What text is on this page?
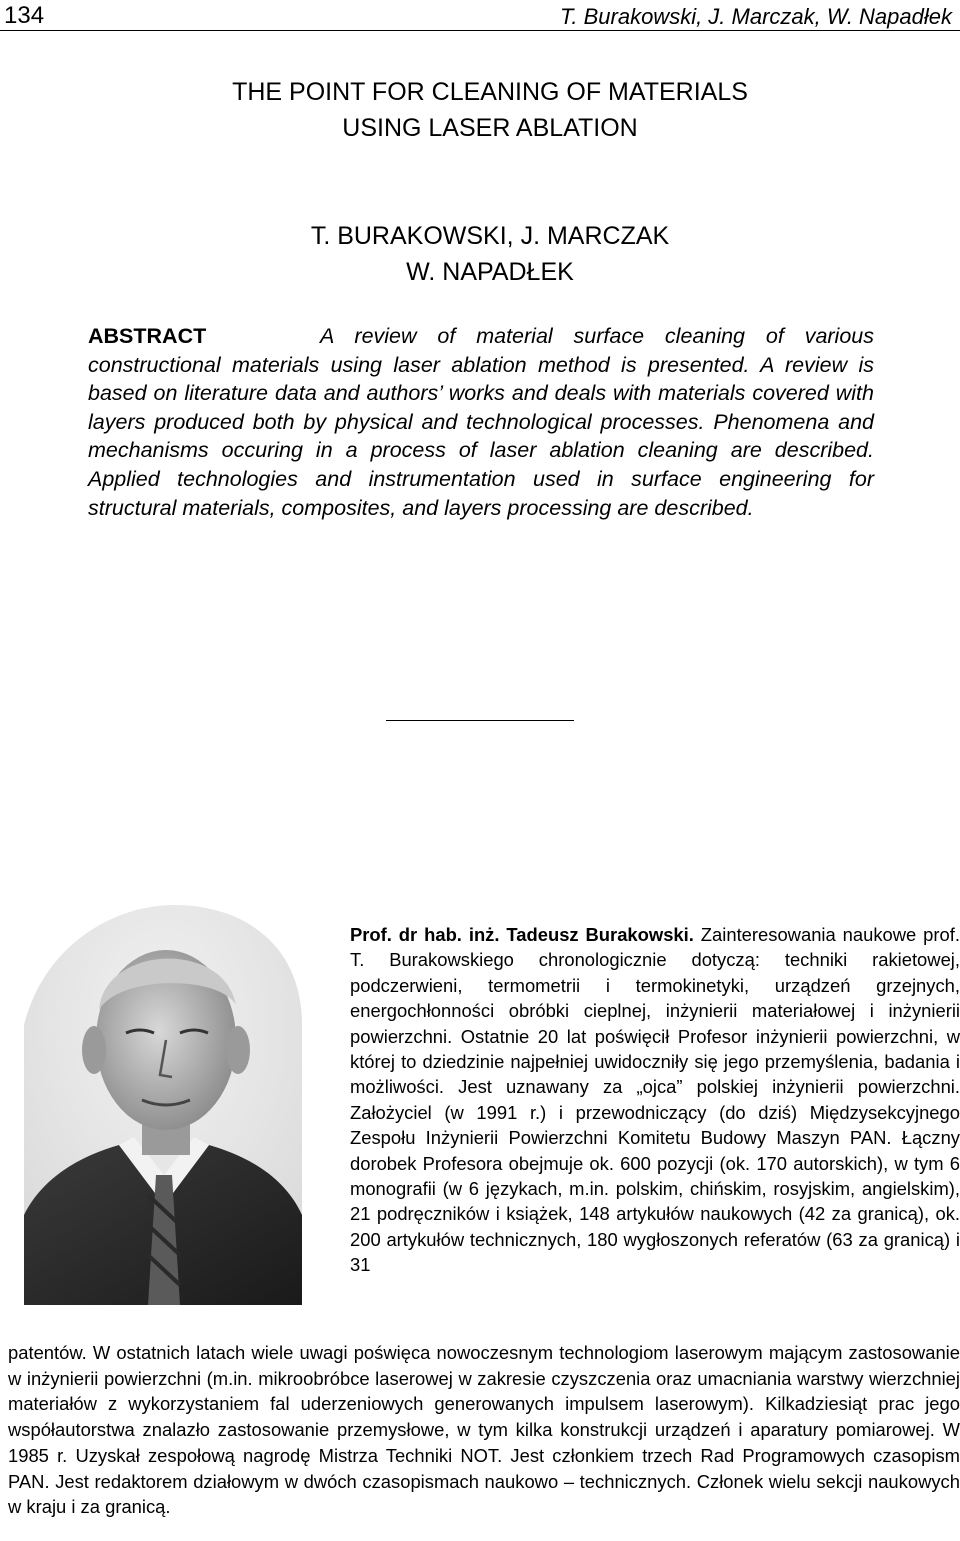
134	T. Burakowski, J. Marczak, W. Napadłek
THE POINT FOR CLEANING OF MATERIALS
USING LASER ABLATION
T. BURAKOWSKI, J. MARCZAK
W. NAPADŁEK
ABSTRACT	A review of material surface cleaning of various constructional materials using laser ablation method is presented. A review is based on literature data and authors’ works and deals with materials covered with layers produced both by physical and technological processes. Phenomena and mechanisms occuring in a process of laser ablation cleaning are described. Applied technologies and instrumentation used in surface engineering for structural materials, composites, and layers processing are described.

Prof. dr hab. inż. Tadeusz Burakowski. Zainteresowania naukowe prof. T. Burakowskiego chronologicznie dotyczą: techniki rakietowej, podczerwieni, termometrii i termokinetyki, urządzeń grzejnych, energochłonności obróbki cieplnej, inżynierii materiałowej i inżynierii powierzchni. Ostatnie 20 lat poświęcił Profesor inżynierii powierzchni, w której to dziedzinie najpełniej uwidoczniły się jego przemyślenia, badania i możliwości. Jest uznawany za „ojca” polskiej inżynierii powierzchni. Założyciel (w 1991 r.) i przewodniczący (do dziś) Międzysekcyjnego Zespołu Inżynierii Powierzchni Komitetu Budowy Maszyn PAN. Łączny dorobek Profesora obejmuje ok. 600 pozycji (ok. 170 autorskich), w tym 6 monografii (w 6 językach, m.in. polskim, chińskim, rosyjskim, angielskim), 21 podręczników i książek, 148 artykułów naukowych (42 za granicą), ok. 200 artykułów technicznych, 180 wygłoszonych referatów (63 za granicą) i 31

patentów. W ostatnich latach wiele uwagi poświęca nowoczesnym technologiom laserowym mającym zastosowanie w inżynierii powierzchni (m.in. mikroobróbce laserowej w zakresie czyszczenia oraz umacniania warstwy wierzchniej materiałów z wykorzystaniem fal uderzeniowych generowanych impulsem laserowym). Kilkadziesiąt prac jego współautorstwa znalazło zastosowanie przemysłowe, w tym kilka konstrukcji urządzeń i aparatury pomiarowej. W 1985 r. Uzyskał zespołową nagrodę Mistrza Techniki NOT. Jest członkiem trzech Rad Programowych czasopism PAN. Jest redaktorem działowym w dwóch czasopismach naukowo – technicznych. Członek wielu sekcji naukowych w kraju i za granicą.
